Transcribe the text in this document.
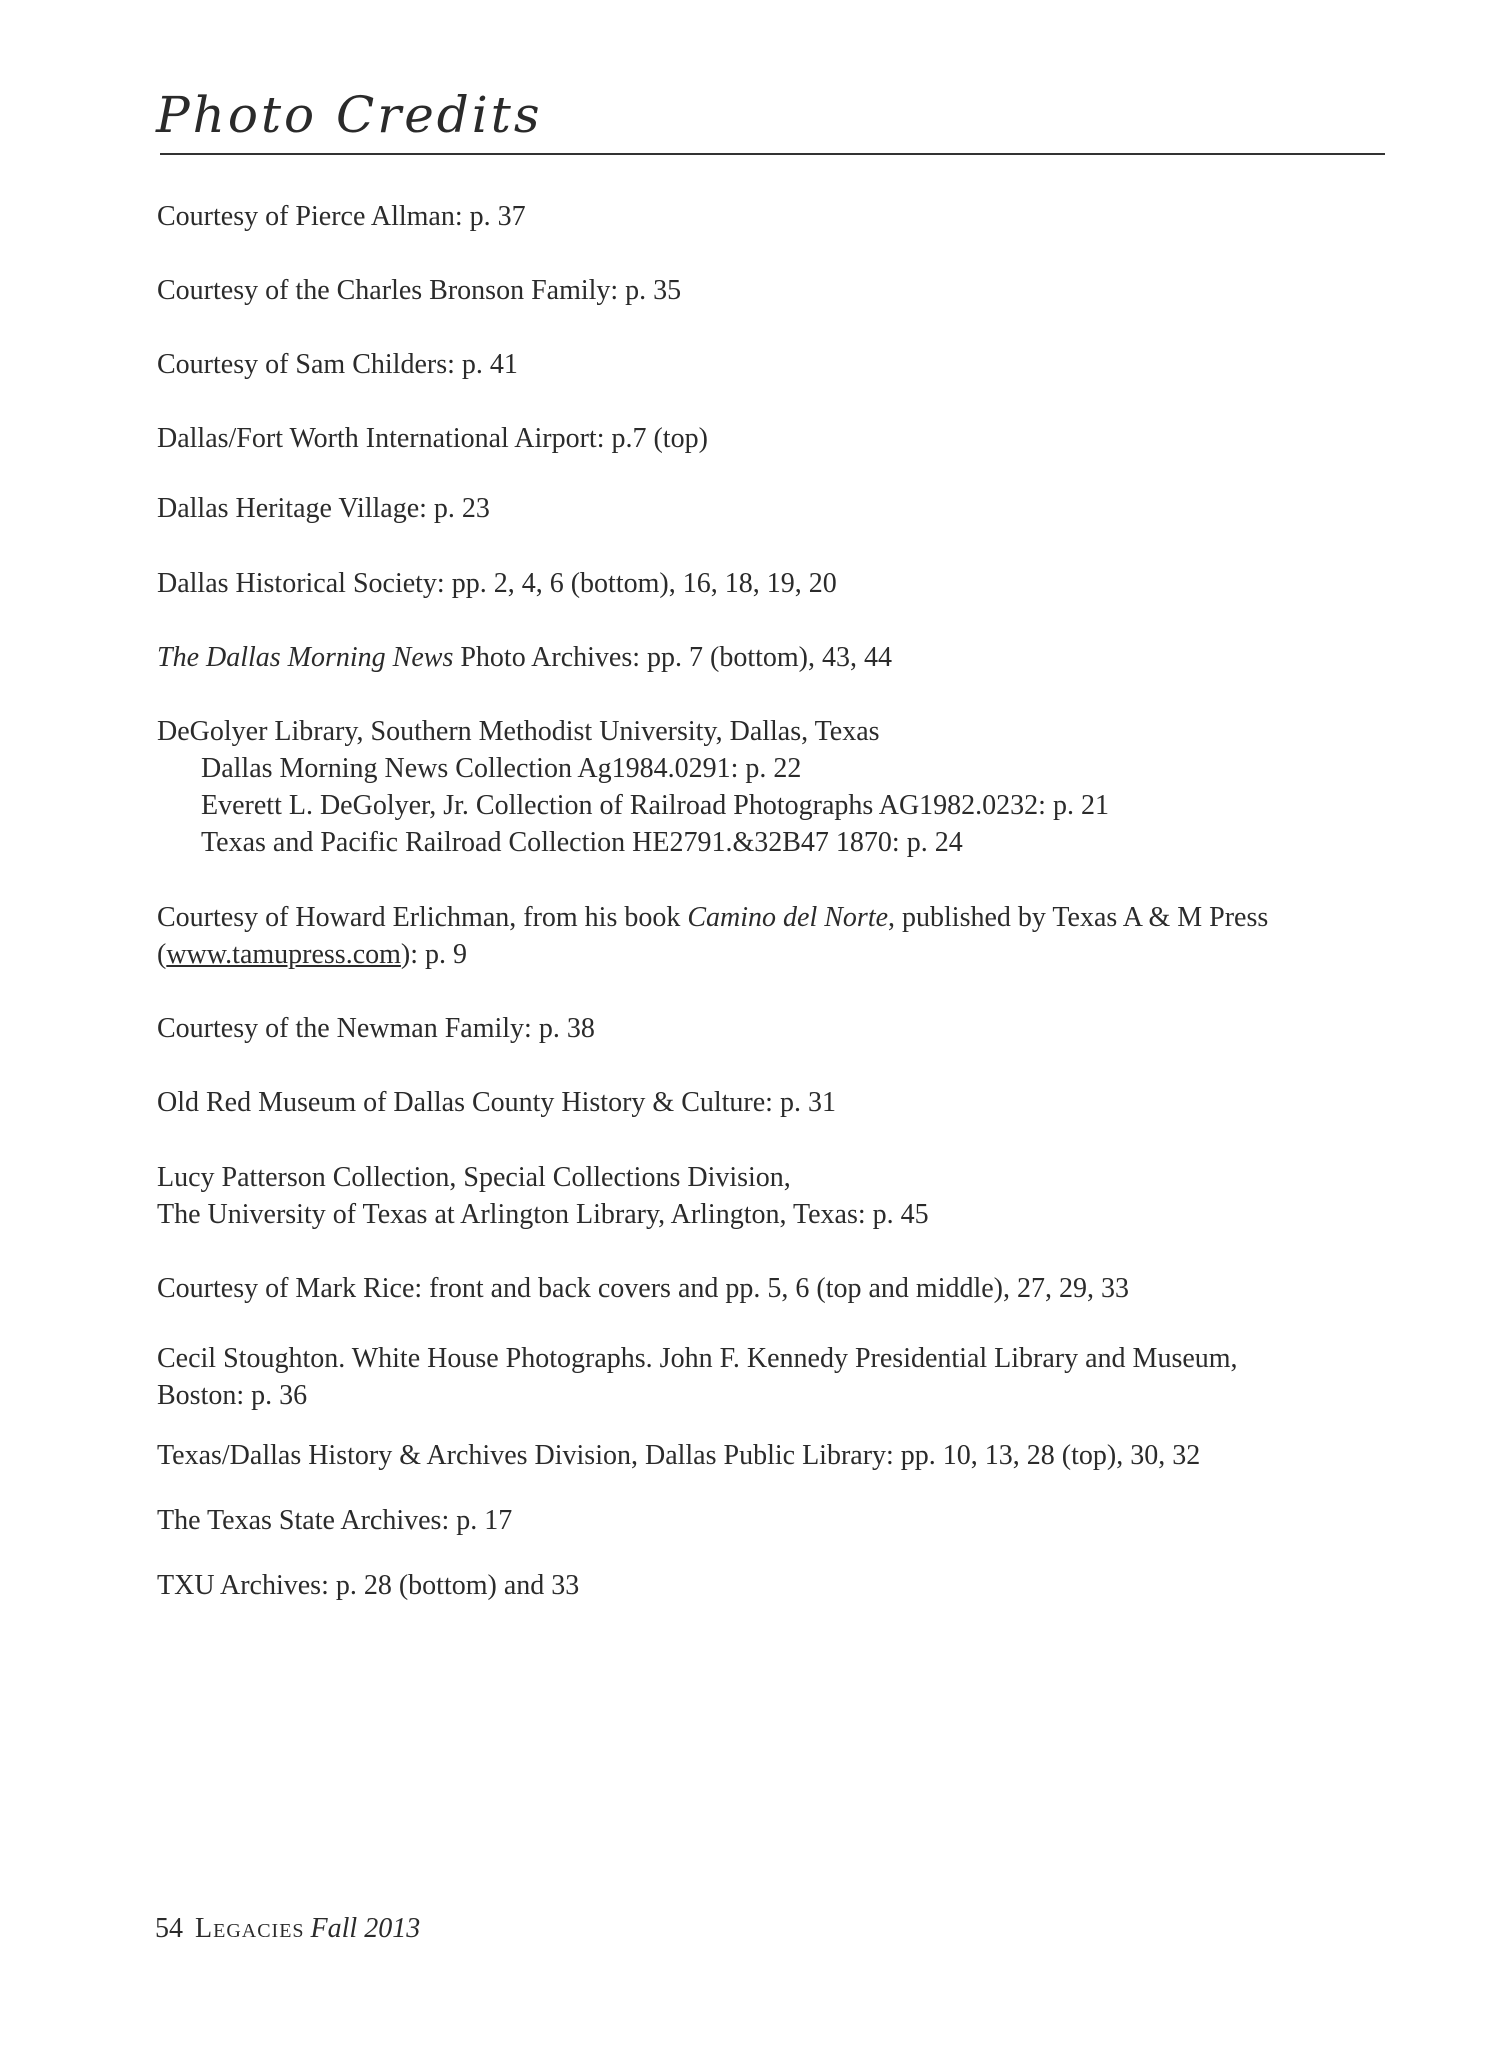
Photo Credits
Courtesy of Pierce Allman: p. 37
Courtesy of the Charles Bronson Family: p. 35
Courtesy of Sam Childers: p. 41
Dallas/Fort Worth International Airport: p.7 (top)
Dallas Heritage Village: p. 23
Dallas Historical Society: pp. 2, 4, 6 (bottom), 16, 18, 19, 20
The Dallas Morning News Photo Archives: pp. 7 (bottom), 43, 44
DeGolyer Library, Southern Methodist University, Dallas, Texas
Dallas Morning News Collection Ag1984.0291: p. 22
Everett L. DeGolyer, Jr. Collection of Railroad Photographs AG1982.0232: p. 21
Texas and Pacific Railroad Collection HE2791.&32B47 1870: p. 24
Courtesy of Howard Erlichman, from his book Camino del Norte, published by Texas A & M Press
(www.tamupress.com): p. 9
Courtesy of the Newman Family: p. 38
Old Red Museum of Dallas County History & Culture: p. 31
Lucy Patterson Collection, Special Collections Division,
The University of Texas at Arlington Library, Arlington, Texas: p. 45
Courtesy of Mark Rice: front and back covers and pp. 5, 6 (top and middle), 27, 29, 33
Cecil Stoughton. White House Photographs. John F. Kennedy Presidential Library and Museum,
Boston: p. 36
Texas/Dallas History & Archives Division, Dallas Public Library: pp. 10, 13, 28 (top), 30, 32
The Texas State Archives: p. 17
TXU Archives: p. 28 (bottom) and 33
54 Legacies Fall 2013
